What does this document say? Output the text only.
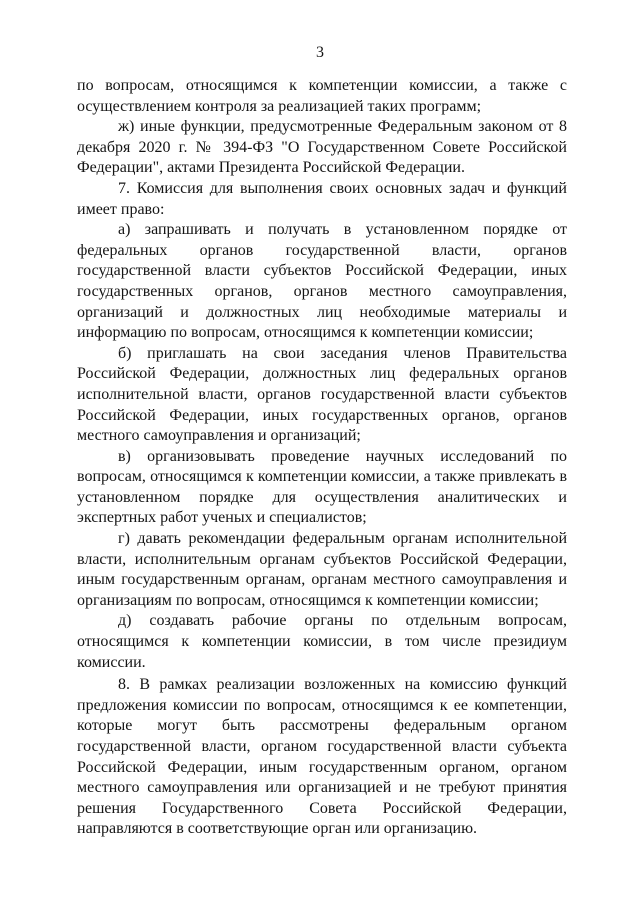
3

по вопросам, относящимся к компетенции комиссии, а также с осуществлением контроля за реализацией таких программ;

ж) иные функции, предусмотренные Федеральным законом от 8 декабря 2020 г. № 394-ФЗ "О Государственном Совете Российской Федерации", актами Президента Российской Федерации.

7. Комиссия для выполнения своих основных задач и функций имеет право:

а) запрашивать и получать в установленном порядке от федеральных органов государственной власти, органов государственной власти субъектов Российской Федерации, иных государственных органов, органов местного самоуправления, организаций и должностных лиц необходимые материалы и информацию по вопросам, относящимся к компетенции комиссии;

б) приглашать на свои заседания членов Правительства Российской Федерации, должностных лиц федеральных органов исполнительной власти, органов государственной власти субъектов Российской Федерации, иных государственных органов, органов местного самоуправления и организаций;

в) организовывать проведение научных исследований по вопросам, относящимся к компетенции комиссии, а также привлекать в установленном порядке для осуществления аналитических и экспертных работ ученых и специалистов;

г) давать рекомендации федеральным органам исполнительной власти, исполнительным органам субъектов Российской Федерации, иным государственным органам, органам местного самоуправления и организациям по вопросам, относящимся к компетенции комиссии;

д) создавать рабочие органы по отдельным вопросам, относящимся к компетенции комиссии, в том числе президиум комиссии.

8. В рамках реализации возложенных на комиссию функций предложения комиссии по вопросам, относящимся к ее компетенции, которые могут быть рассмотрены федеральным органом государственной власти, органом государственной власти субъекта Российской Федерации, иным государственным органом, органом местного самоуправления или организацией и не требуют принятия решения Государственного Совета Российской Федерации, направляются в соответствующие орган или организацию.
